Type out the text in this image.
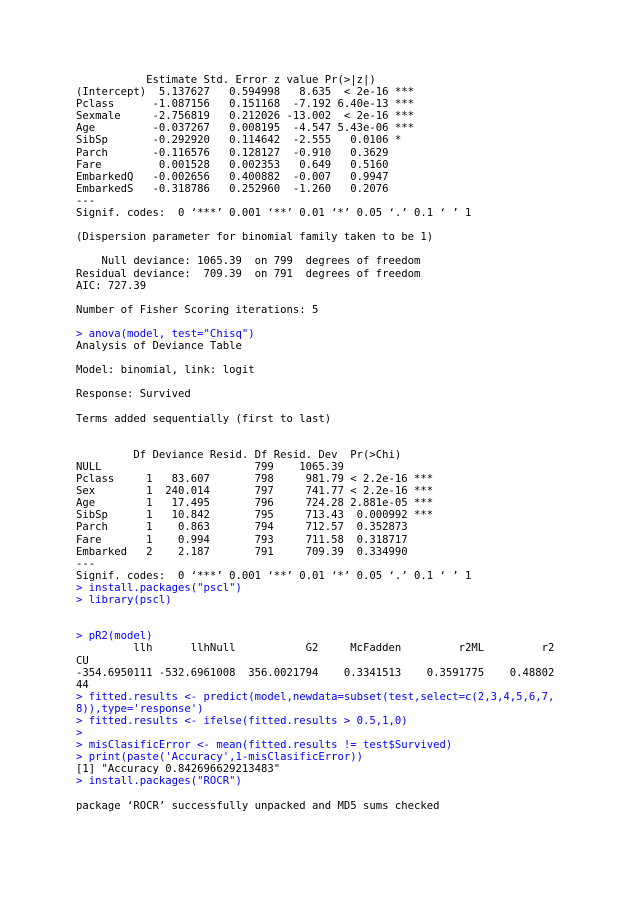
Estimate Std. Error z value Pr(>|z|)
(Intercept)  5.137627   0.594998   8.635  < 2e-16 ***
Pclass      -1.087156   0.151168  -7.192 6.40e-13 ***
Sexmale     -2.756819   0.212026 -13.002  < 2e-16 ***
Age         -0.037267   0.008195  -4.547 5.43e-06 ***
SibSp       -0.292920   0.114642  -2.555   0.0106 *
Parch       -0.116576   0.128127  -0.910   0.3629
Fare         0.001528   0.002353   0.649   0.5160
EmbarkedQ   -0.002656   0.400882  -0.007   0.9947
EmbarkedS   -0.318786   0.252960  -1.260   0.2076
---
Signif. codes:  0 ‘***’ 0.001 ‘**’ 0.01 ‘*’ 0.05 ‘.’ 0.1 ‘ ’ 1
(Dispersion parameter for binomial family taken to be 1)
Null deviance: 1065.39  on 799  degrees of freedom
Residual deviance:  709.39  on 791  degrees of freedom
AIC: 727.39
Number of Fisher Scoring iterations: 5
> anova(model, test="Chisq")
Analysis of Deviance Table
Model: binomial, link: logit
Response: Survived
Terms added sequentially (first to last)
Df Deviance Resid. Df Resid. Dev  Pr(>Chi)
NULL                        799    1065.39
Pclass     1   83.607       798     981.79 < 2.2e-16 ***
Sex        1  240.014       797     741.77 < 2.2e-16 ***
Age        1   17.495       796     724.28 2.881e-05 ***
SibSp      1   10.842       795     713.43  0.000992 ***
Parch      1    0.863       794     712.57  0.352873
Fare       1    0.994       793     711.58  0.318717
Embarked   2    2.187       791     709.39  0.334990
---
Signif. codes:  0 ‘***’ 0.001 ‘**’ 0.01 ‘*’ 0.05 ‘.’ 0.1 ‘ ’ 1
> install.packages("pscl")
> library(pscl)
> pR2(model)
llh      llhNull           G2     McFadden         r2ML         r2
CU
-354.6950111 -532.6961008  356.0021794    0.3341513    0.3591775    0.48802
44
> fitted.results <- predict(model,newdata=subset(test,select=c(2,3,4,5,6,7,
8)),type='response')
> fitted.results <- ifelse(fitted.results > 0.5,1,0)
>
> misClasificError <- mean(fitted.results != test$Survived)
> print(paste('Accuracy',1-misClasificError))
[1] "Accuracy 0.842696629213483"
> install.packages("ROCR")
package ‘ROCR’ successfully unpacked and MD5 sums checked
